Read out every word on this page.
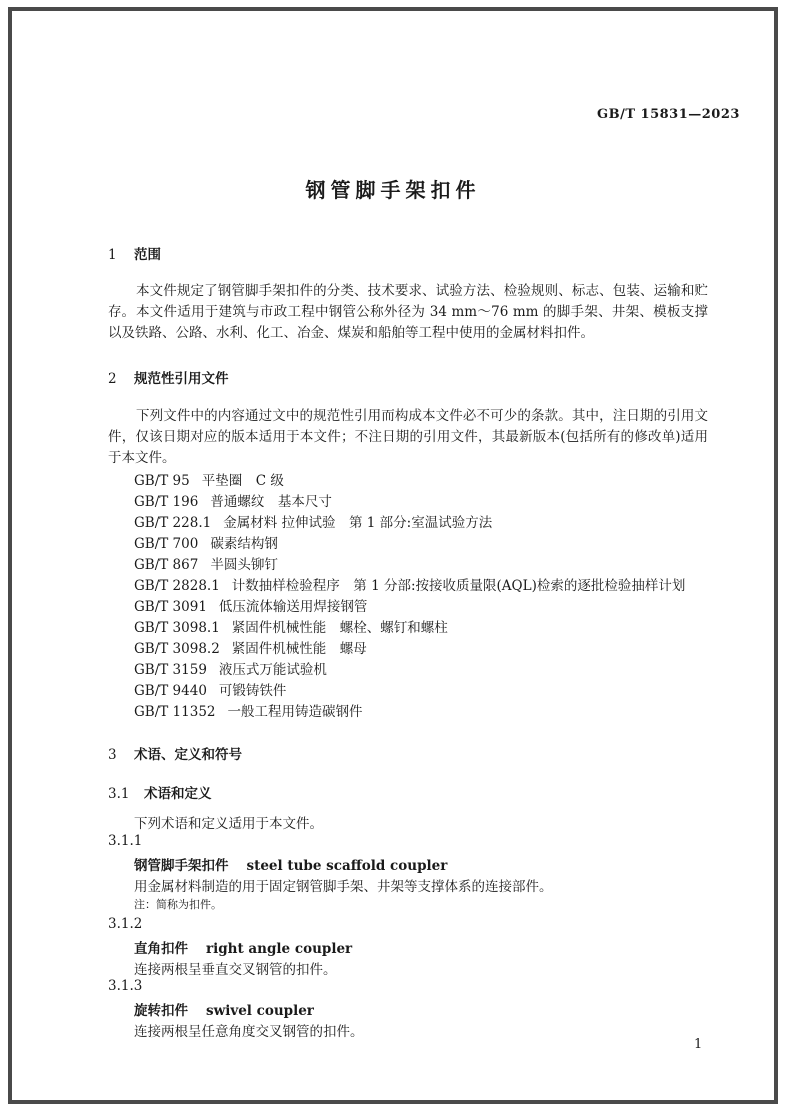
GB/T 15831—2023
钢管脚手架扣件
1 范围
本文件规定了钢管脚手架扣件的分类、技术要求、试验方法、检验规则、标志、包装、运输和贮存。 本文件适用于建筑与市政工程中钢管公称外径为 34 mm～76 mm 的脚手架、井架、模板支撑以及铁路、公路、水利、化工、冶金、煤炭和船舶等工程中使用的金属材料扣件。
2 规范性引用文件
下列文件中的内容通过文中的规范性引用而构成本文件必不可少的条款。其中，注日期的引用文件，仅该日期对应的版本适用于本文件；不注日期的引用文件，其最新版本(包括所有的修改单)适用于本文件。
GB/T 95 平垫圈　C 级
GB/T 196 普通螺纹　基本尺寸
GB/T 228.1 金属材料 拉伸试验　第 1 部分:室温试验方法
GB/T 700 碳素结构钢
GB/T 867 半圆头铆钉
GB/T 2828.1 计数抽样检验程序　第 1 分部:按接收质量限(AQL)检索的逐批检验抽样计划
GB/T 3091 低压流体输送用焊接钢管
GB/T 3098.1 紧固件机械性能　螺栓、螺钉和螺柱
GB/T 3098.2 紧固件机械性能　螺母
GB/T 3159 液压式万能试验机
GB/T 9440 可锻铸铁件
GB/T 11352 一般工程用铸造碳钢件
3 术语、定义和符号
3.1 术语和定义
下列术语和定义适用于本文件。
3.1.1
钢管脚手架扣件 steel tube scaffold coupler
用金属材料制造的用于固定钢管脚手架、井架等支撑体系的连接部件。
注：简称为扣件。
3.1.2
直角扣件 right angle coupler
连接两根呈垂直交叉钢管的扣件。
3.1.3
旋转扣件 swivel coupler
连接两根呈任意角度交叉钢管的扣件。
1
